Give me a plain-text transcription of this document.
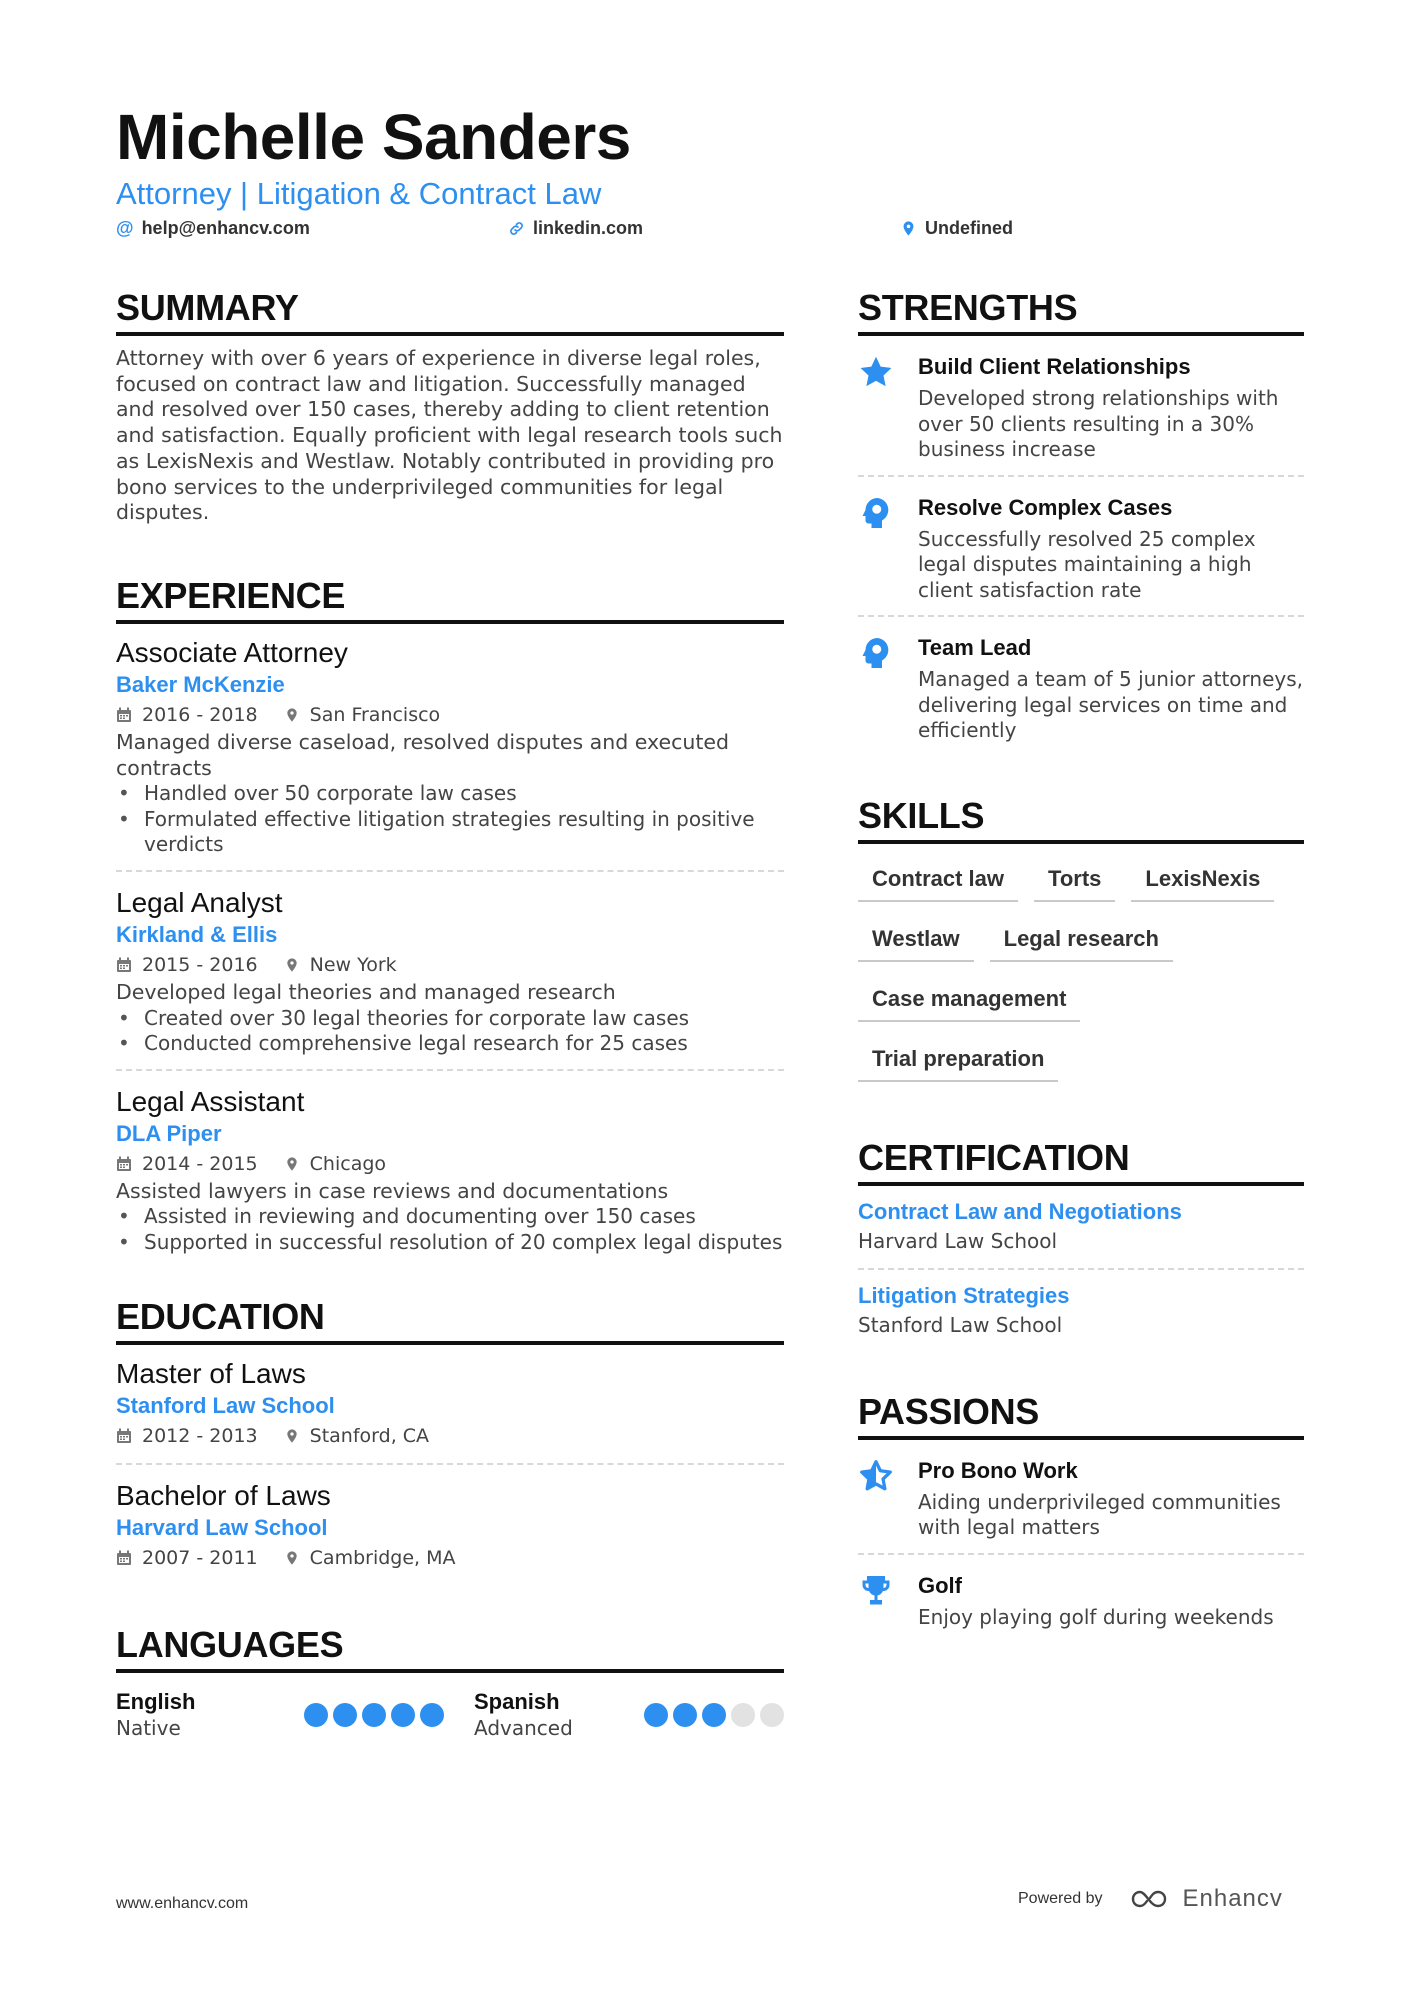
Michelle Sanders
Attorney | Litigation & Contract Law
@ help@enhancv.com	linkedin.com	Undefined
SUMMARY
Attorney with over 6 years of experience in diverse legal roles, focused on contract law and litigation. Successfully managed and resolved over 150 cases, thereby adding to client retention and satisfaction. Equally proficient with legal research tools such as LexisNexis and Westlaw. Notably contributed in providing pro bono services to the underprivileged communities for legal disputes.
EXPERIENCE
Associate Attorney
Baker McKenzie
2016 - 2018	San Francisco
Managed diverse caseload, resolved disputes and executed contracts
• Handled over 50 corporate law cases
• Formulated effective litigation strategies resulting in positive verdicts
Legal Analyst
Kirkland & Ellis
2015 - 2016	New York
Developed legal theories and managed research
• Created over 30 legal theories for corporate law cases
• Conducted comprehensive legal research for 25 cases
Legal Assistant
DLA Piper
2014 - 2015	Chicago
Assisted lawyers in case reviews and documentations
• Assisted in reviewing and documenting over 150 cases
• Supported in successful resolution of 20 complex legal disputes
EDUCATION
Master of Laws
Stanford Law School
2012 - 2013	Stanford, CA
Bachelor of Laws
Harvard Law School
2007 - 2011	Cambridge, MA
LANGUAGES
English
Native
Spanish
Advanced
STRENGTHS
Build Client Relationships
Developed strong relationships with over 50 clients resulting in a 30% business increase
Resolve Complex Cases
Successfully resolved 25 complex legal disputes maintaining a high client satisfaction rate
Team Lead
Managed a team of 5 junior attorneys, delivering legal services on time and efficiently
SKILLS
Contract law	Torts	LexisNexis
Westlaw	Legal research
Case management
Trial preparation
CERTIFICATION
Contract Law and Negotiations
Harvard Law School
Litigation Strategies
Stanford Law School
PASSIONS
Pro Bono Work
Aiding underprivileged communities with legal matters
Golf
Enjoy playing golf during weekends
www.enhancv.com	Powered by	Enhancv
